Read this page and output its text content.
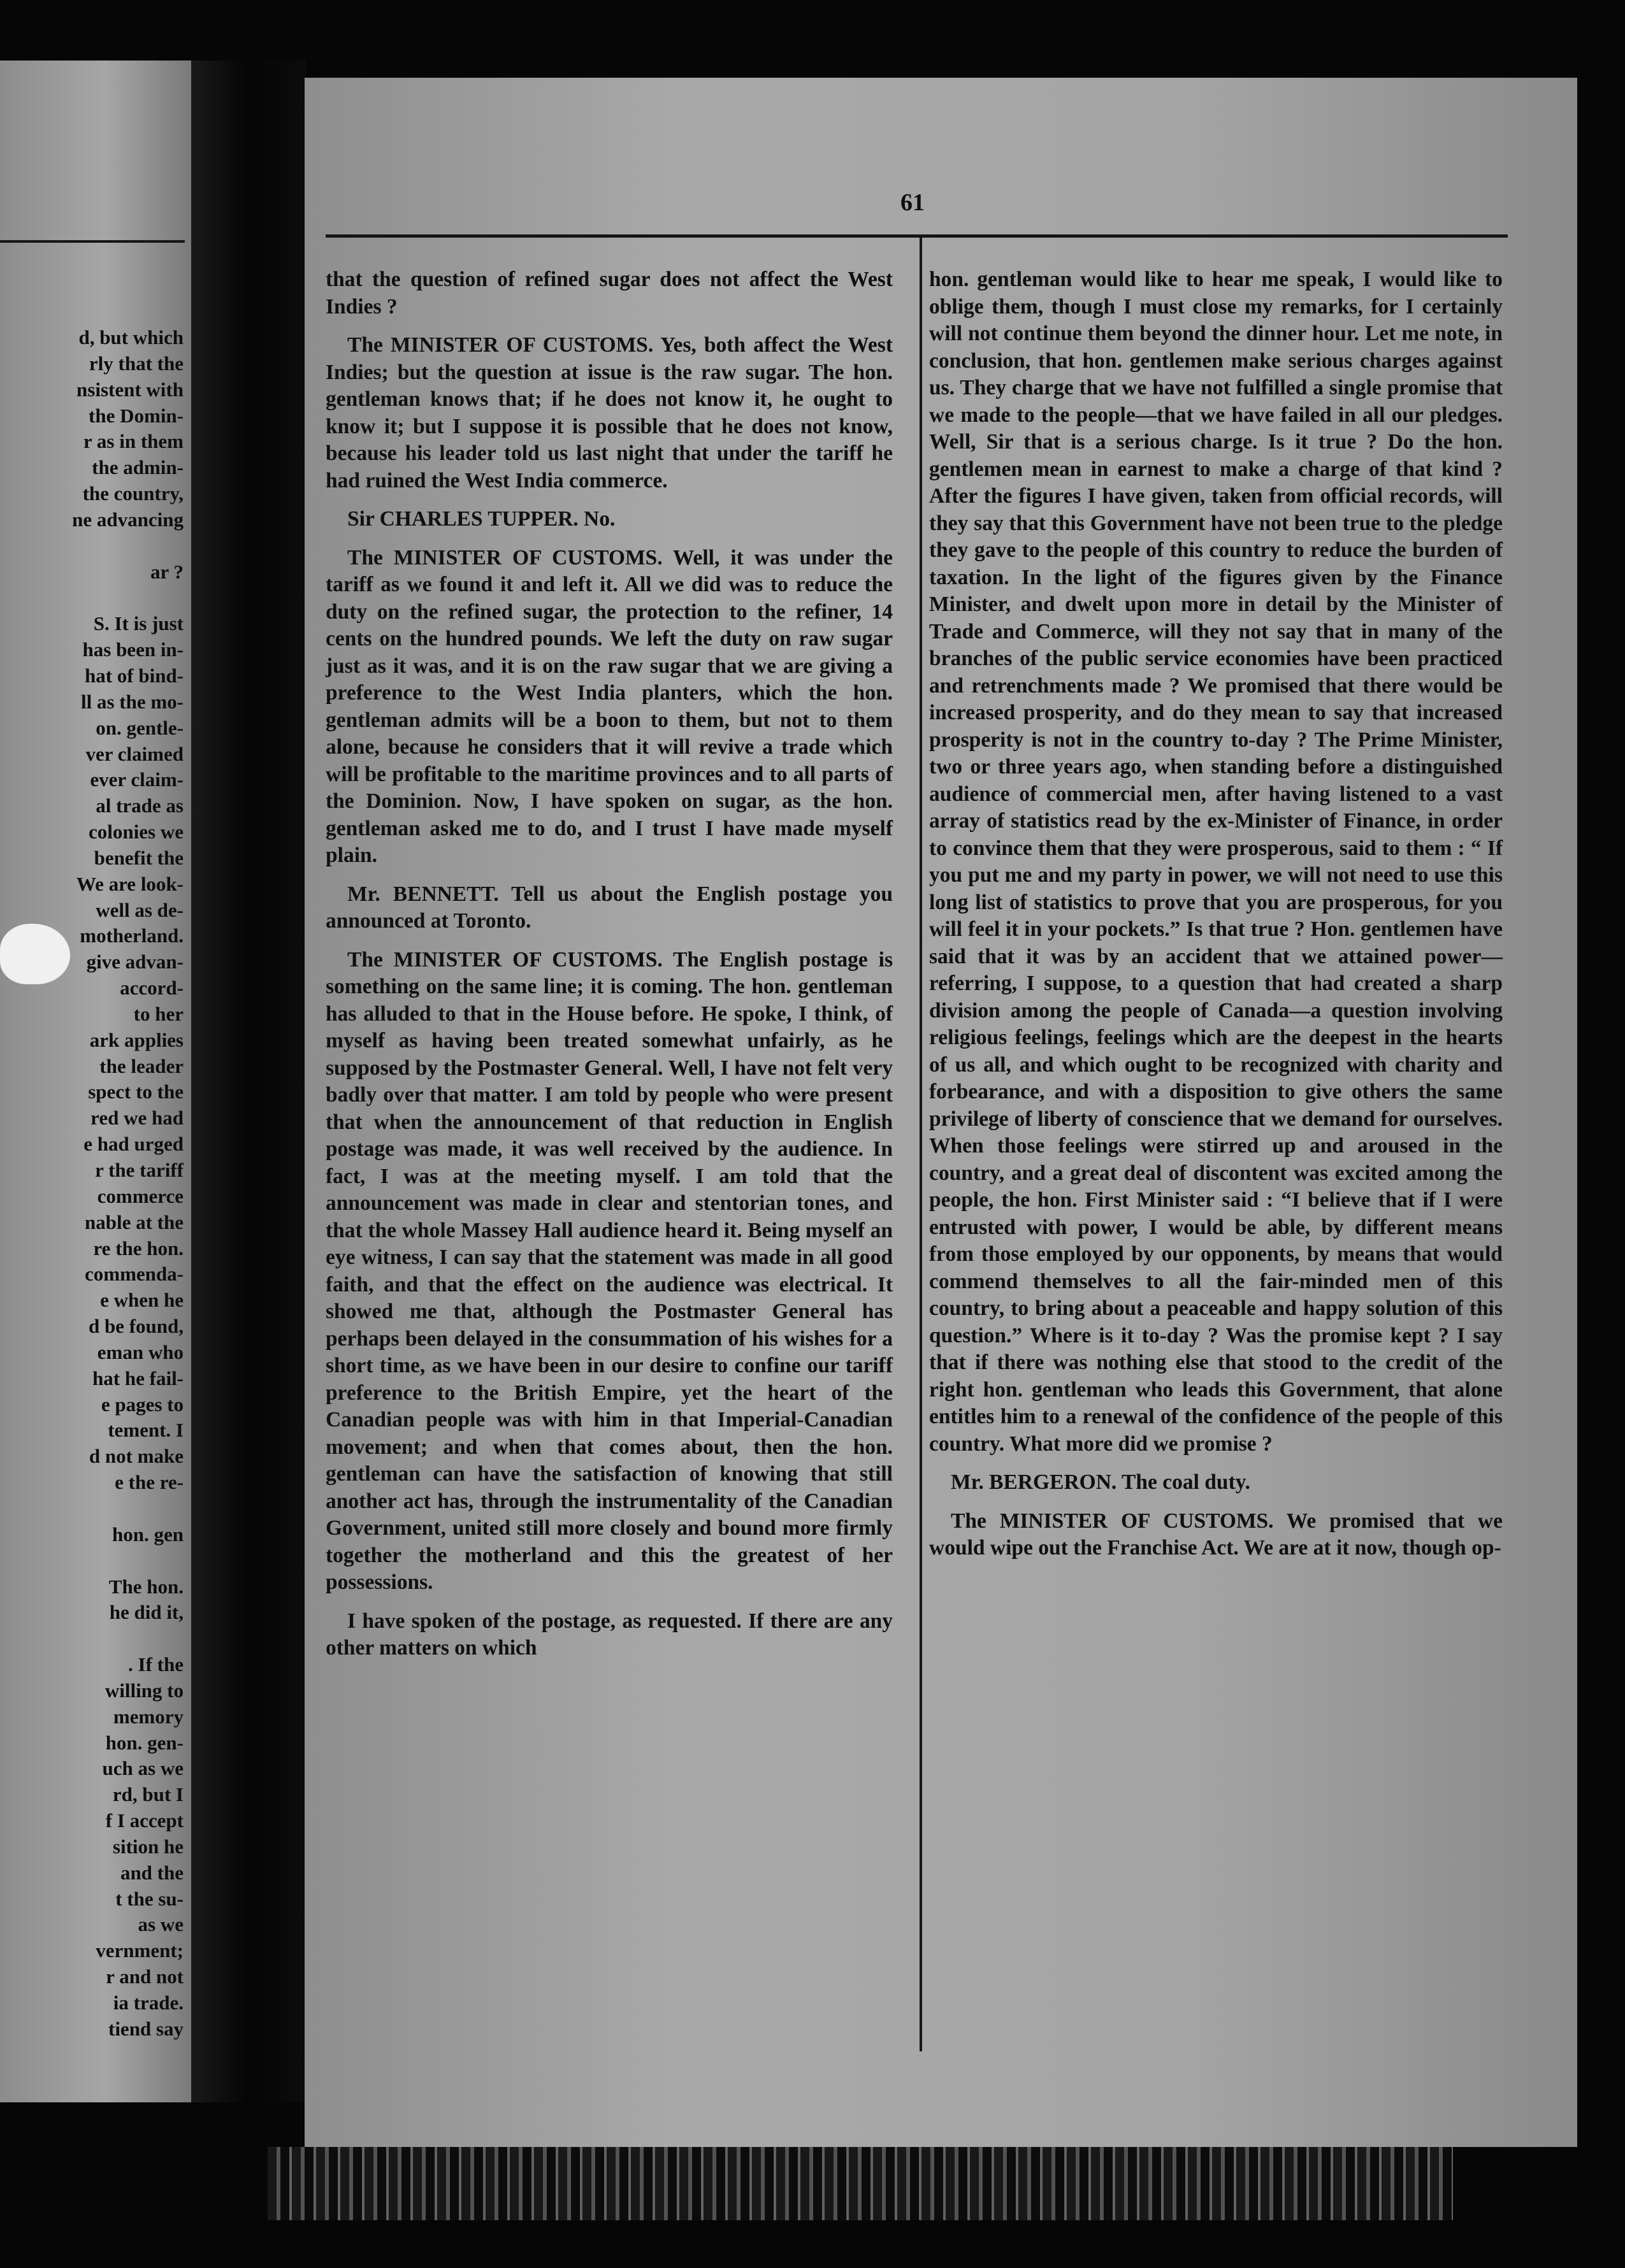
d, but which
rly that the
nsistent with
the Domin-
r as in them
the admin-
the country,
ne advancing
ar ?
S. It is just
has been in-
hat of bind-
ll as the mo-
on. gentle-
ver claimed
ever claim-
al trade as
colonies we
benefit the
We are look-
well as de-
motherland.
give advan-
accord-
to her
ark applies
the leader
spect to the
red we had
e had urged
r the tariff
commerce
nable at the
re the hon.
commenda-
e when he
d be found,
eman who
hat he fail-
e pages to
tement. I
d not make
e the re-
hon. gen
The hon.
he did it,
. If the
willing to
memory
hon. gen-
uch as we
rd, but I
f I accept
sition he
and the
t the su-
as we
vernment;
r and not
ia trade.
tiend say
61

that the question of refined sugar does not affect the West Indies ?

The MINISTER OF CUSTOMS. Yes, both affect the West Indies; but the question at issue is the raw sugar. The hon. gentleman knows that; if he does not know it, he ought to know it; but I suppose it is possible that he does not know, because his leader told us last night that under the tariff he had ruined the West India commerce.

Sir CHARLES TUPPER. No.

The MINISTER OF CUSTOMS. Well, it was under the tariff as we found it and left it. All we did was to reduce the duty on the refined sugar, the protection to the refiner, 14 cents on the hundred pounds. We left the duty on raw sugar just as it was, and it is on the raw sugar that we are giving a preference to the West India planters, which the hon. gentleman admits will be a boon to them, but not to them alone, because he considers that it will revive a trade which will be profitable to the maritime provinces and to all parts of the Dominion. Now, I have spoken on sugar, as the hon. gentleman asked me to do, and I trust I have made myself plain.

Mr. BENNETT. Tell us about the English postage you announced at Toronto.

The MINISTER OF CUSTOMS. The English postage is something on the same line; it is coming. The hon. gentleman has alluded to that in the House before. He spoke, I think, of myself as having been treated somewhat unfairly, as he supposed by the Postmaster General. Well, I have not felt very badly over that matter. I am told by people who were present that when the announcement of that reduction in English postage was made, it was well received by the audience. In fact, I was at the meeting myself. I am told that the announcement was made in clear and stentorian tones, and that the whole Massey Hall audience heard it. Being myself an eye witness, I can say that the statement was made in all good faith, and that the effect on the audience was electrical. It showed me that, although the Postmaster General has perhaps been delayed in the consummation of his wishes for a short time, as we have been in our desire to confine our tariff preference to the British Empire, yet the heart of the Canadian people was with him in that Imperial-Canadian movement; and when that comes about, then the hon. gentleman can have the satisfaction of knowing that still another act has, through the instrumentality of the Canadian Government, united still more closely and bound more firmly together the motherland and this the greatest of her possessions.

I have spoken of the postage, as requested. If there are any other matters on which

hon. gentleman would like to hear me speak, I would like to oblige them, though I must close my remarks, for I certainly will not continue them beyond the dinner hour. Let me note, in conclusion, that hon. gentlemen make serious charges against us. They charge that we have not fulfilled a single promise that we made to the people—that we have failed in all our pledges. Well, Sir that is a serious charge. Is it true ? Do the hon. gentlemen mean in earnest to make a charge of that kind ? After the figures I have given, taken from official records, will they say that this Government have not been true to the pledge they gave to the people of this country to reduce the burden of taxation. In the light of the figures given by the Finance Minister, and dwelt upon more in detail by the Minister of Trade and Commerce, will they not say that in many of the branches of the public service economies have been practiced and retrenchments made ? We promised that there would be increased prosperity, and do they mean to say that increased prosperity is not in the country to-day ? The Prime Minister, two or three years ago, when standing before a distinguished audience of commercial men, after having listened to a vast array of statistics read by the ex-Minister of Finance, in order to convince them that they were prosperous, said to them : “ If you put me and my party in power, we will not need to use this long list of statistics to prove that you are prosperous, for you will feel it in your pockets.” Is that true ? Hon. gentlemen have said that it was by an accident that we attained power—referring, I suppose, to a question that had created a sharp division among the people of Canada—a question involving religious feelings, feelings which are the deepest in the hearts of us all, and which ought to be recognized with charity and forbearance, and with a disposition to give others the same privilege of liberty of conscience that we demand for ourselves. When those feelings were stirred up and aroused in the country, and a great deal of discontent was excited among the people, the hon. First Minister said : “I believe that if I were entrusted with power, I would be able, by different means from those employed by our opponents, by means that would commend themselves to all the fair-minded men of this country, to bring about a peaceable and happy solution of this question.” Where is it to-day ? Was the promise kept ? I say that if there was nothing else that stood to the credit of the right hon. gentleman who leads this Government, that alone entitles him to a renewal of the confidence of the people of this country. What more did we promise ?

Mr. BERGERON. The coal duty.

The MINISTER OF CUSTOMS. We promised that we would wipe out the Franchise Act. We are at it now, though op-
